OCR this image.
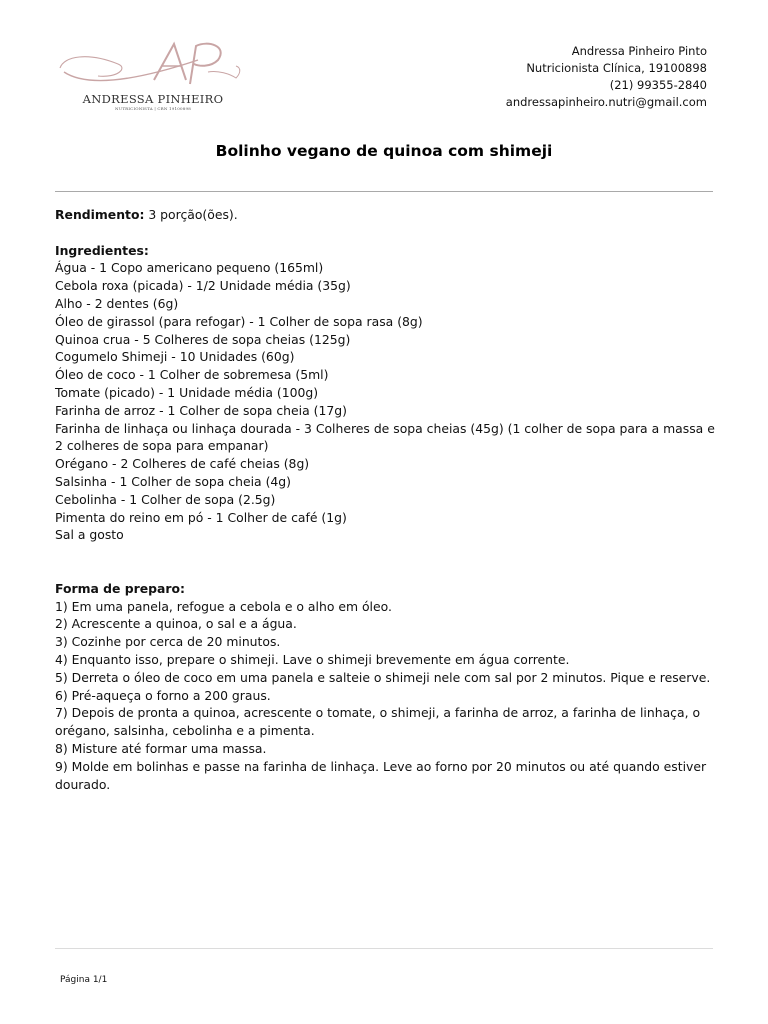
ANDRESSA PINHEIRO
NUTRICIONISTA | CRN 19100898
Andressa Pinheiro Pinto
Nutricionista Clínica, 19100898
(21) 99355-2840
andressapinheiro.nutri@gmail.com
Bolinho vegano de quinoa com shimeji

Rendimento: 3 porção(ões).

Ingredientes:

Água - 1 Copo americano pequeno (165ml)

Cebola roxa (picada) - 1/2 Unidade média (35g)

Alho - 2 dentes (6g)

Óleo de girassol (para refogar) - 1 Colher de sopa rasa (8g)

Quinoa crua - 5 Colheres de sopa cheias (125g)

Cogumelo Shimeji - 10 Unidades (60g)

Óleo de coco - 1 Colher de sobremesa (5ml)

Tomate (picado) - 1 Unidade média (100g)

Farinha de arroz - 1 Colher de sopa cheia (17g)

Farinha de linhaça ou linhaça dourada - 3 Colheres de sopa cheias (45g) (1 colher de sopa para a massa e 2 colheres de sopa para empanar)

Orégano - 2 Colheres de café cheias (8g)

Salsinha - 1 Colher de sopa cheia (4g)

Cebolinha - 1 Colher de sopa (2.5g)

Pimenta do reino em pó - 1 Colher de café (1g)

Sal a gosto

Forma de preparo:

1) Em uma panela, refogue a cebola e o alho em óleo.

2) Acrescente a quinoa, o sal e a água.

3) Cozinhe por cerca de 20 minutos.

4) Enquanto isso, prepare o shimeji. Lave o shimeji brevemente em água corrente.

5) Derreta o óleo de coco em uma panela e salteie o shimeji nele com sal por 2 minutos. Pique e reserve.

6) Pré-aqueça o forno a 200 graus.

7) Depois de pronta a quinoa, acrescente o tomate, o shimeji, a farinha de arroz, a farinha de linhaça, o orégano, salsinha, cebolinha e a pimenta.

8) Misture até formar uma massa.

9) Molde em bolinhas e passe na farinha de linhaça. Leve ao forno por 20 minutos ou até quando estiver dourado.

Página 1/1
